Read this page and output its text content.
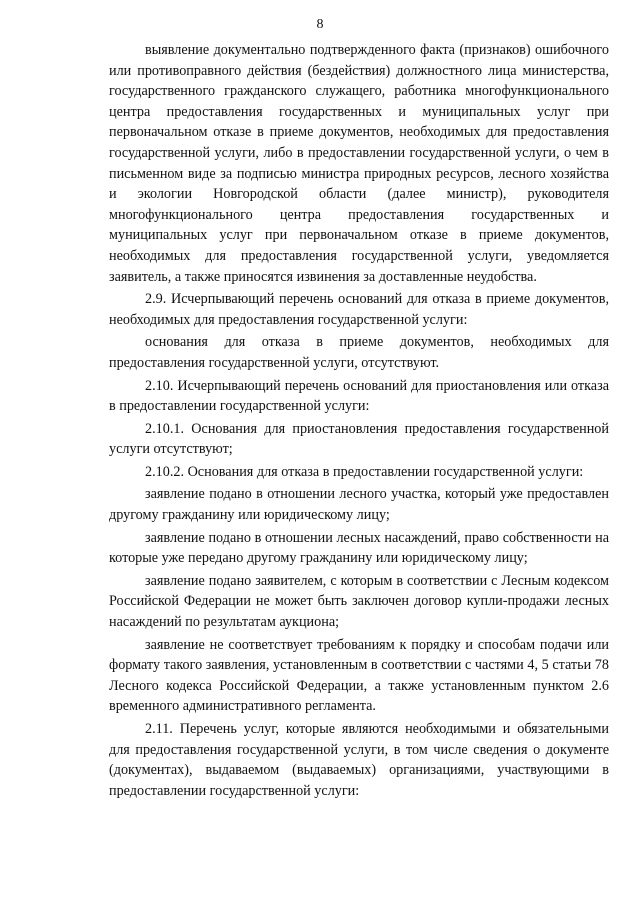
8

выявление документально подтвержденного факта (признаков) ошибочного или противоправного действия (бездействия) должностного лица министерства, государственного гражданского служащего, работника многофункционального центра предоставления государственных и муниципальных услуг при первоначальном отказе в приеме документов, необходимых для предоставления государственной услуги, либо в предоставлении государственной услуги, о чем в письменном виде за подписью министра природных ресурсов, лесного хозяйства и экологии Новгородской области (далее министр), руководителя многофункционального центра предоставления государственных и муниципальных услуг при первоначальном отказе в приеме документов, необходимых для предоставления государственной услуги, уведомляется заявитель, а также приносятся извинения за доставленные неудобства.

2.9. Исчерпывающий перечень оснований для отказа в приеме документов, необходимых для предоставления государственной услуги:

основания для отказа в приеме документов, необходимых для предоставления государственной услуги, отсутствуют.

2.10. Исчерпывающий перечень оснований для приостановления или отказа в предоставлении государственной услуги:

2.10.1. Основания для приостановления предоставления государственной услуги отсутствуют;

2.10.2. Основания для отказа в предоставлении государственной услуги:

заявление подано в отношении лесного участка, который уже предоставлен другому гражданину или юридическому лицу;

заявление подано в отношении лесных насаждений, право собственности на которые уже передано другому гражданину или юридическому лицу;

заявление подано заявителем, с которым в соответствии с Лесным кодексом Российской Федерации не может быть заключен договор купли-продажи лесных насаждений по результатам аукциона;

заявление не соответствует требованиям к порядку и способам подачи или формату такого заявления, установленным в соответствии с частями 4, 5 статьи 78 Лесного кодекса Российской Федерации, а также установленным пунктом 2.6 временного административного регламента.

2.11. Перечень услуг, которые являются необходимыми и обязательными для предоставления государственной услуги, в том числе сведения о документе (документах), выдаваемом (выдаваемых) организациями, участвующими в предоставлении государственной услуги:
